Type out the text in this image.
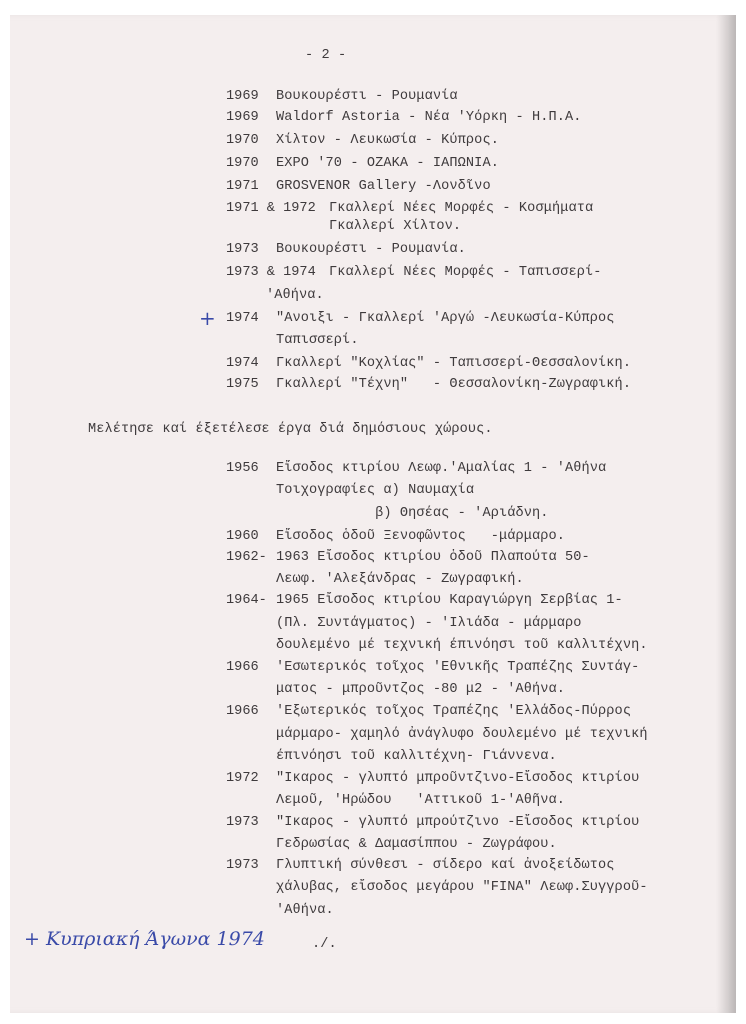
- 2 -
1969 Βουκουρέστι - Ρουμανία
1969 Waldorf Astoria - Νέα 'Υόρκη - Η.Π.Α.
1970 Χίλτον - Λευκωσία - Κύπρος.
1970 EXPO '70 - OZAKA - ΙΑΠΩΝΙΑ.
1971 GROSVENOR Gallery -Λονδῖνο
1971 & 1972 Γκαλλερί Νέες Μορφές - Κοσμήματα
Γκαλλερί Χίλτον.
1973 Βουκουρέστι - Ρουμανία.
1973 & 1974 Γκαλλερί Νέες Μορφές - Ταπισσερί-
'Αθήνα.
+ 1974 "Ανοιξι - Γκαλλερί 'Αργώ -Λευκωσία-Κύπρος
Ταπισσερί.
1974 Γκαλλερί "Κοχλίας" - Ταπισσερί-Θεσσαλονίκη.
1975 Γκαλλερί "Τέχνη"   - Θεσσαλονίκη-Ζωγραφική.
Μελέτησε καί έξετέλεσε έργα διά δημόσιους χώρους.
1956 Εἴσοδος κτιρίου Λεωφ.'Αμαλίας 1 - 'Αθήνα
Τοιχογραφίες α) Ναυμαχία
β) Θησέας - 'Αριάδνη.
1960 Εἴσοδος ὁδοῦ Ξενοφῶντος   -μάρμαρο.
1962- 1963 Εἴσοδος κτιρίου ὁδοῦ Πλαπούτα 50-
Λεωφ. 'Αλεξάνδρας - Ζωγραφική.
1964- 1965 Εἴσοδος κτιρίου Καραγιώργη Σερβίας 1-
(Πλ. Συντάγματος) - 'Ιλιάδα - μάρμαρο
δουλεμένο μέ τεχνική έπινόησι τοῦ καλλιτέχνη.
1966 'Εσωτερικός τοῖχος 'Εθνικῆς Τραπέζης Συντάγ-
ματος - μπροῦντζος -80 μ2 - 'Αθήνα.
1966 'Εξωτερικός τοῖχος Τραπέζης 'Ελλάδος-Πύρρος
μάρμαρο- χαμηλό ἀνάγλυφο δουλεμένο μέ τεχνική
έπινόησι τοῦ καλλιτέχνη- Γιάννενα.
1972 "Ικαρος - γλυπτό μπροῦντζινο-Εἴσοδος κτιρίου
Λεμοῦ, 'Ηρώδου   'Αττικοῦ 1-'Αθῆνα.
1973 "Ικαρος - γλυπτό μπρούτζινο -Εἴσοδος κτιρίου
Γεδρωσίας & Δαμασίππου - Ζωγράφου.
1973 Γλυπτική σύνθεσι - σίδερο καί ἀνοξείδωτος
χάλυβας, εἴσοδος μεγάρου "FINA" Λεωφ.Συγγροῦ-
'Αθήνα.
+ Κυπριακή Άγωνα 1974	./.
